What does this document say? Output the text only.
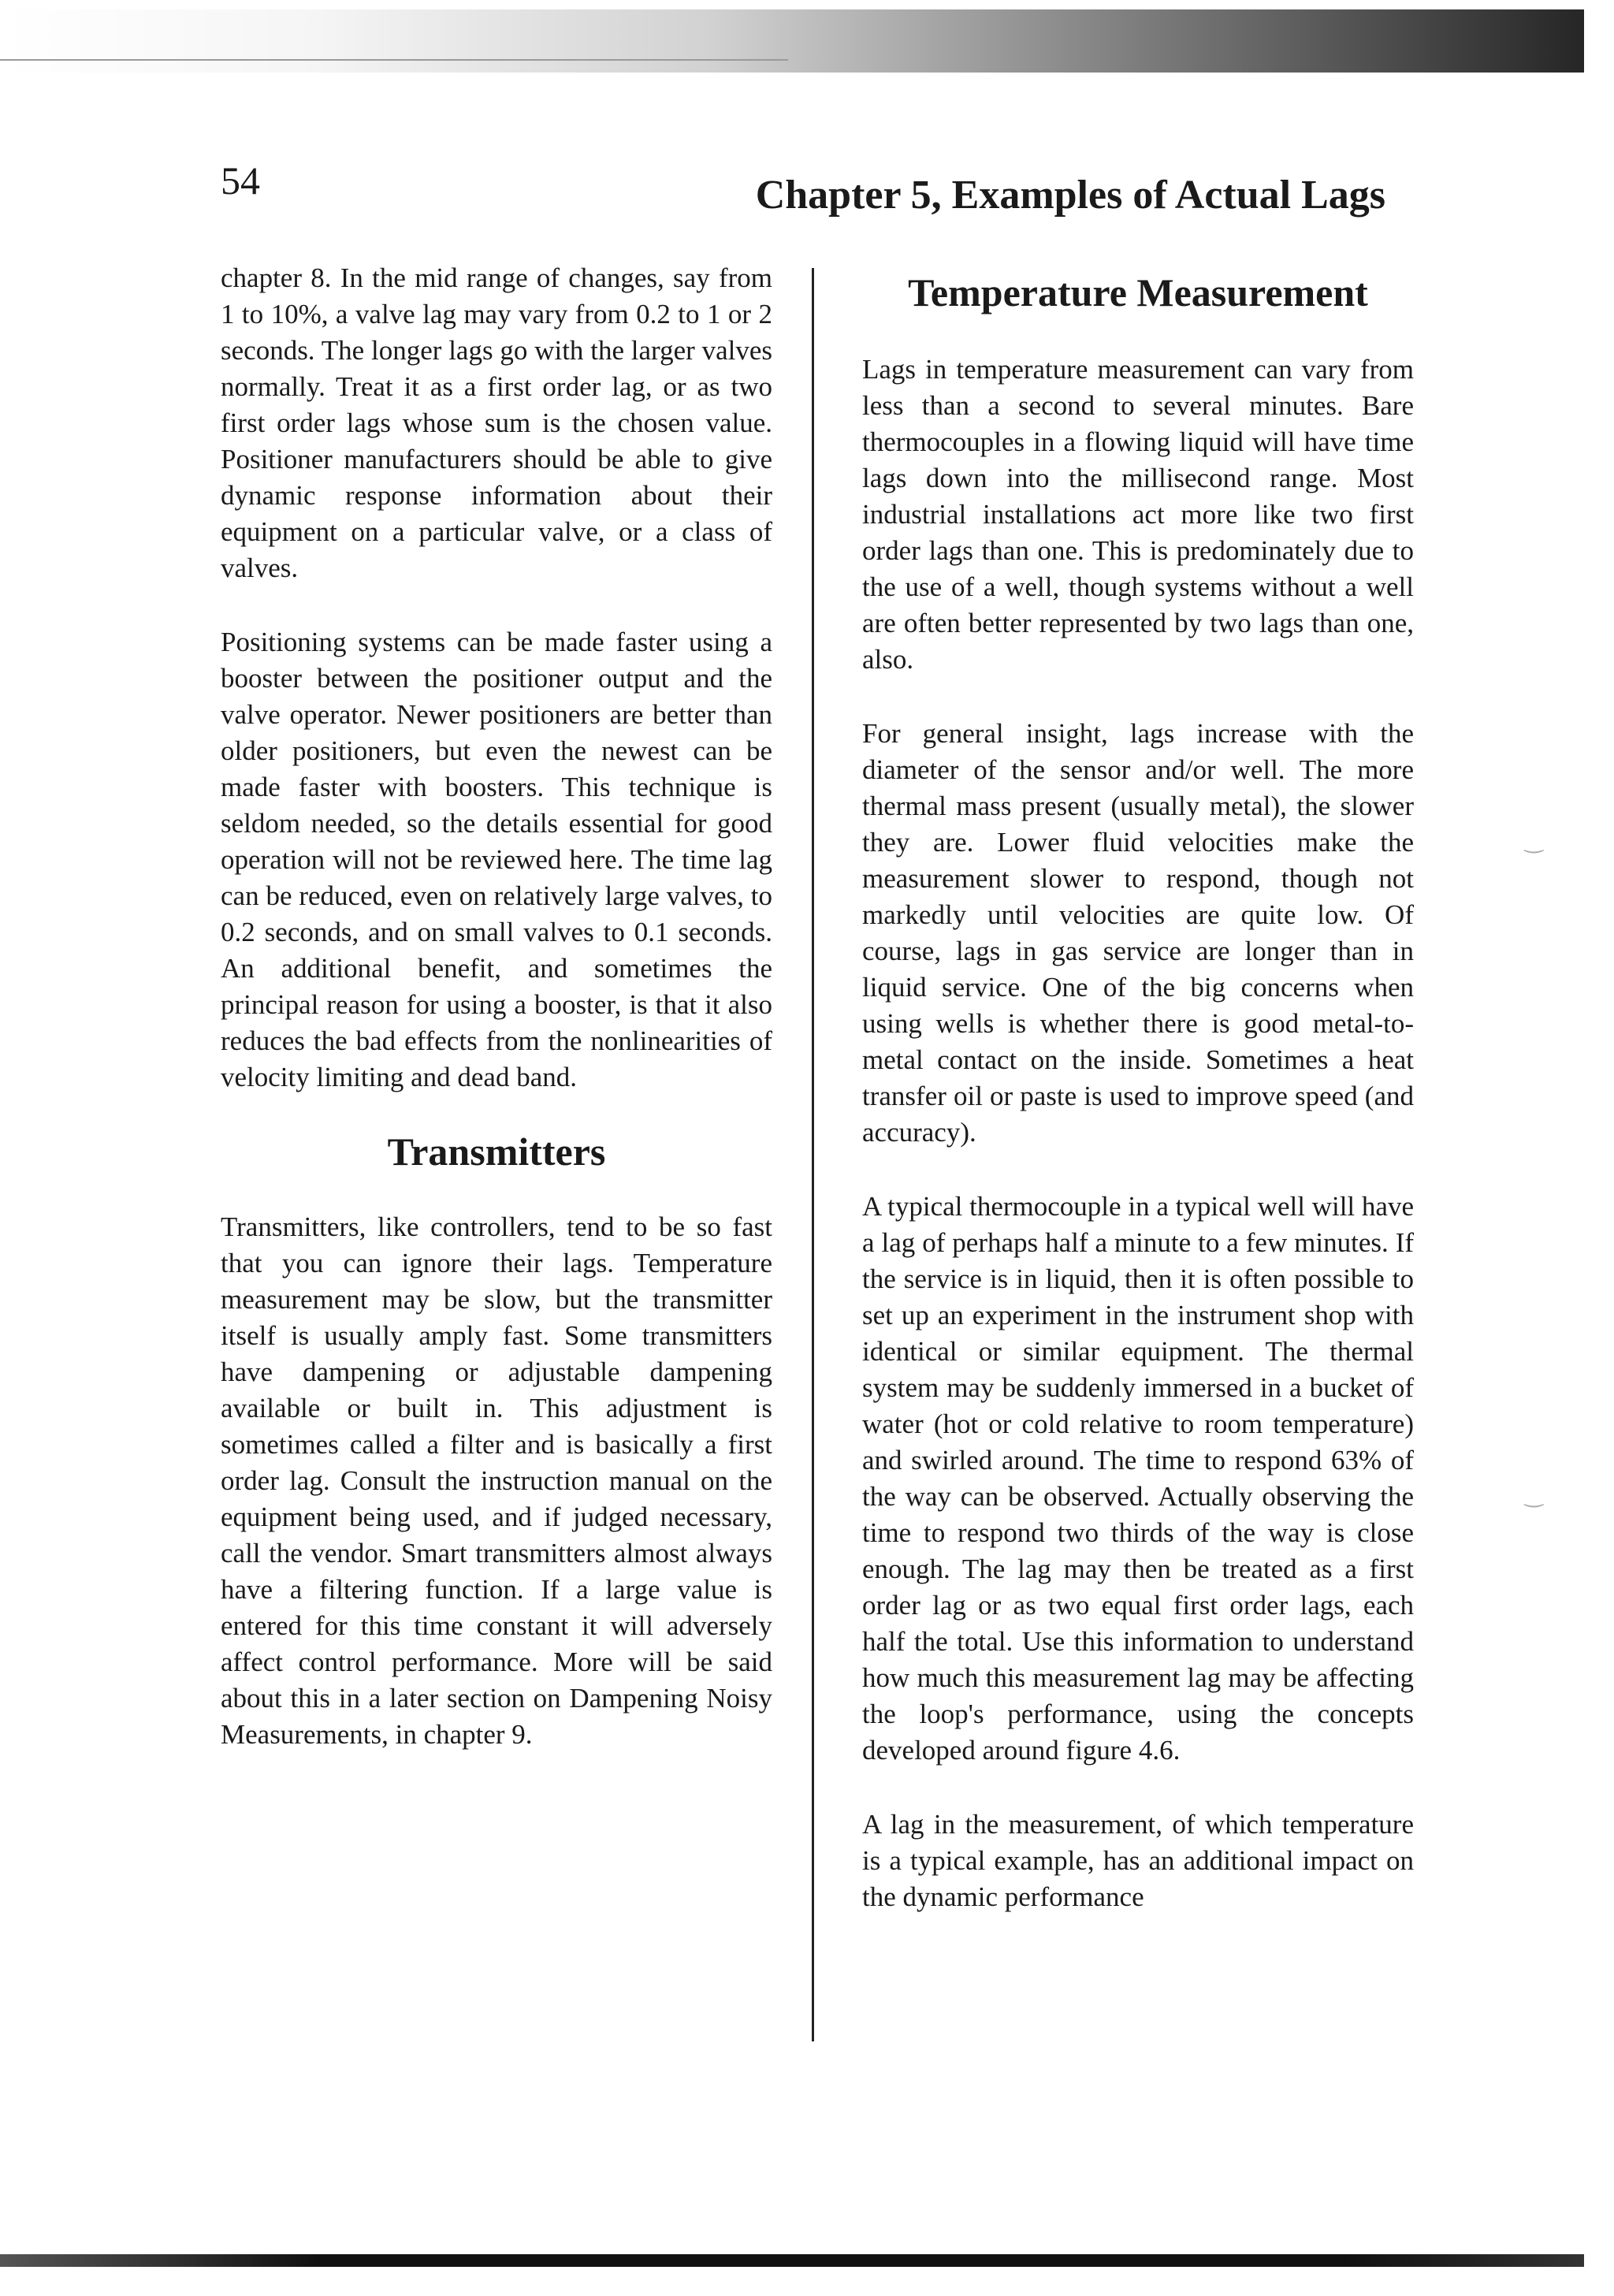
54	Chapter 5, Examples of Actual Lags

chapter 8. In the mid range of changes, say from 1 to 10%, a valve lag may vary from 0.2 to 1 or 2 seconds. The longer lags go with the larger valves normally. Treat it as a first order lag, or as two first order lags whose sum is the chosen value. Positioner manufacturers should be able to give dynamic response information about their equipment on a particular valve, or a class of valves.

Positioning systems can be made faster using a booster between the positioner output and the valve operator. Newer positioners are better than older positioners, but even the newest can be made faster with boosters. This technique is seldom needed, so the details essential for good operation will not be reviewed here. The time lag can be reduced, even on relatively large valves, to 0.2 seconds, and on small valves to 0.1 seconds. An additional benefit, and sometimes the principal reason for using a booster, is that it also reduces the bad effects from the nonlinearities of velocity limiting and dead band.

Transmitters

Transmitters, like controllers, tend to be so fast that you can ignore their lags. Temperature measurement may be slow, but the transmitter itself is usually amply fast. Some transmitters have dampening or adjustable dampening available or built in. This adjustment is sometimes called a filter and is basically a first order lag. Consult the instruction manual on the equipment being used, and if judged necessary, call the vendor. Smart transmitters almost always have a filtering function. If a large value is entered for this time constant it will adversely affect control performance. More will be said about this in a later section on Dampening Noisy Measurements, in chapter 9.

Temperature Measurement

Lags in temperature measurement can vary from less than a second to several minutes. Bare thermocouples in a flowing liquid will have time lags down into the millisecond range. Most industrial installations act more like two first order lags than one. This is predominately due to the use of a well, though systems without a well are often better represented by two lags than one, also.

For general insight, lags increase with the diameter of the sensor and/or well. The more thermal mass present (usually metal), the slower they are. Lower fluid velocities make the measurement slower to respond, though not markedly until velocities are quite low. Of course, lags in gas service are longer than in liquid service. One of the big concerns when using wells is whether there is good metal-to-metal contact on the inside. Sometimes a heat transfer oil or paste is used to improve speed (and accuracy).

A typical thermocouple in a typical well will have a lag of perhaps half a minute to a few minutes. If the service is in liquid, then it is often possible to set up an experiment in the instrument shop with identical or similar equipment. The thermal system may be suddenly immersed in a bucket of water (hot or cold relative to room temperature) and swirled around. The time to respond 63% of the way can be observed. Actually observing the time to respond two thirds of the way is close enough. The lag may then be treated as a first order lag or as two equal first order lags, each half the total. Use this information to understand how much this measurement lag may be affecting the loop's performance, using the concepts developed around figure 4.6.

A lag in the measurement, of which temperature is a typical example, has an additional impact on the dynamic performance

‿
‿
